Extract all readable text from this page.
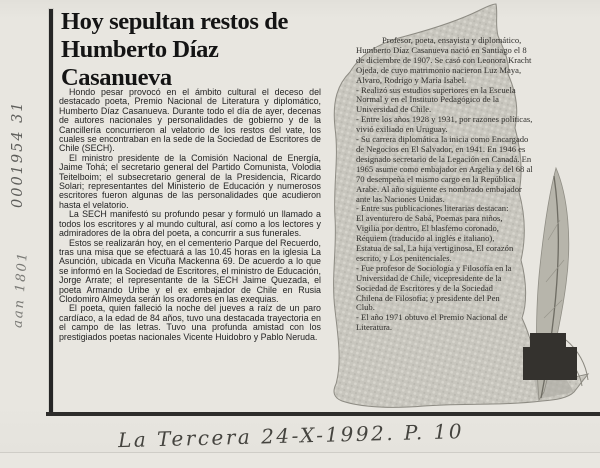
0001954 31
aan 1801
Hoy sepultan restos de Humberto Díaz Casanueva

Hondo pesar provocó en el ámbito cultural el deceso del destacado poeta, Premio Nacional de Literatura y diplomático, Humberto Díaz Casanueva. Durante todo el día de ayer, decenas de autores nacionales y personalidades de gobierno y de la Cancillería concurrieron al velatorio de los restos del vate, los cuales se encontraban en la sede de la Sociedad de Escritores de Chile (SECH).

El ministro presidente de la Comisión Nacional de Energía, Jaime Tohá; el secretario general del Partido Comunista, Volodia Teitelboim; el subsecretario general de la Presidencia, Ricardo Solari; representantes del Ministerio de Educación y numerosos escritores fueron algunas de las personalidades que acudieron hasta el velatorio.

La SECH manifestó su profundo pesar y formuló un llamado a todos los escritores y al mundo cultural, así como a los lectores y admiradores de la obra del poeta, a concurrir a sus funerales.

Estos se realizarán hoy, en el cementerio Parque del Recuerdo, tras una misa que se efectuará a las 10.45 horas en la iglesia La Asunción, ubicada en Vicuña Mackenna 69. De acuerdo a lo que se informó en la Sociedad de Escritores, el ministro de Educación, Jorge Arrate; el representante de la SECH Jaime Quezada, el poeta Armando Uribe y el ex embajador de Chile en Rusia Clodomiro Almeyda serán los oradores en las exequias.

El poeta, quien falleció la noche del jueves a raíz de un paro cardíaco, a la edad de 84 años, tuvo una destacada trayectoria en el campo de las letras. Tuvo una profunda amistad con los prestigiados poetas nacionales Vicente Huidobro y Pablo Neruda.

Profesor, poeta, ensayista y diplomático, Humberto Díaz Casanueva nació en Santiago el 8 de diciembre de 1907. Se casó con Leonora Kracht Ojeda, de cuyo matrimonio nacieron Luz Maya, Alvaro, Rodrigo y María Isabel.

- Realizó sus estudios superiores en la Escuela Normal y en el Instituto Pedagógico de la Universidad de Chile.

- Entre los años 1928 y 1931, por razones políticas, vivió exiliado en Uruguay.

- Su carrera diplomática la inicia como Encargado de Negocios en El Salvador, en 1941. En 1946 es designado secretario de la Legación en Canadá. En 1965 asume como embajador en Argelia y del 68 al 70 desempeña el mismo cargo en la República Arabe. Al año siguiente es nombrado embajador ante las Naciones Unidas.

- Entre sus publicaciones literarias destacan: El aventurero de Sabá, Poemas para niños, Vigilia por dentro, El blasfemo coronado, Réquiem (traducido al inglés e italiano), Estatua de sal, La hija vertiginosa, El corazón escrito, y Los penitenciales.

- Fue profesor de Sociología y Filosofía en la Universidad de Chile, vicepresidente de la Sociedad de Escritores y de la Sociedad Chilena de Filosofía; y presidente del Pen Club.

- El año 1971 obtuvo el Premio Nacional de Literatura.

La Tercera 24-X-1992. P. 10
